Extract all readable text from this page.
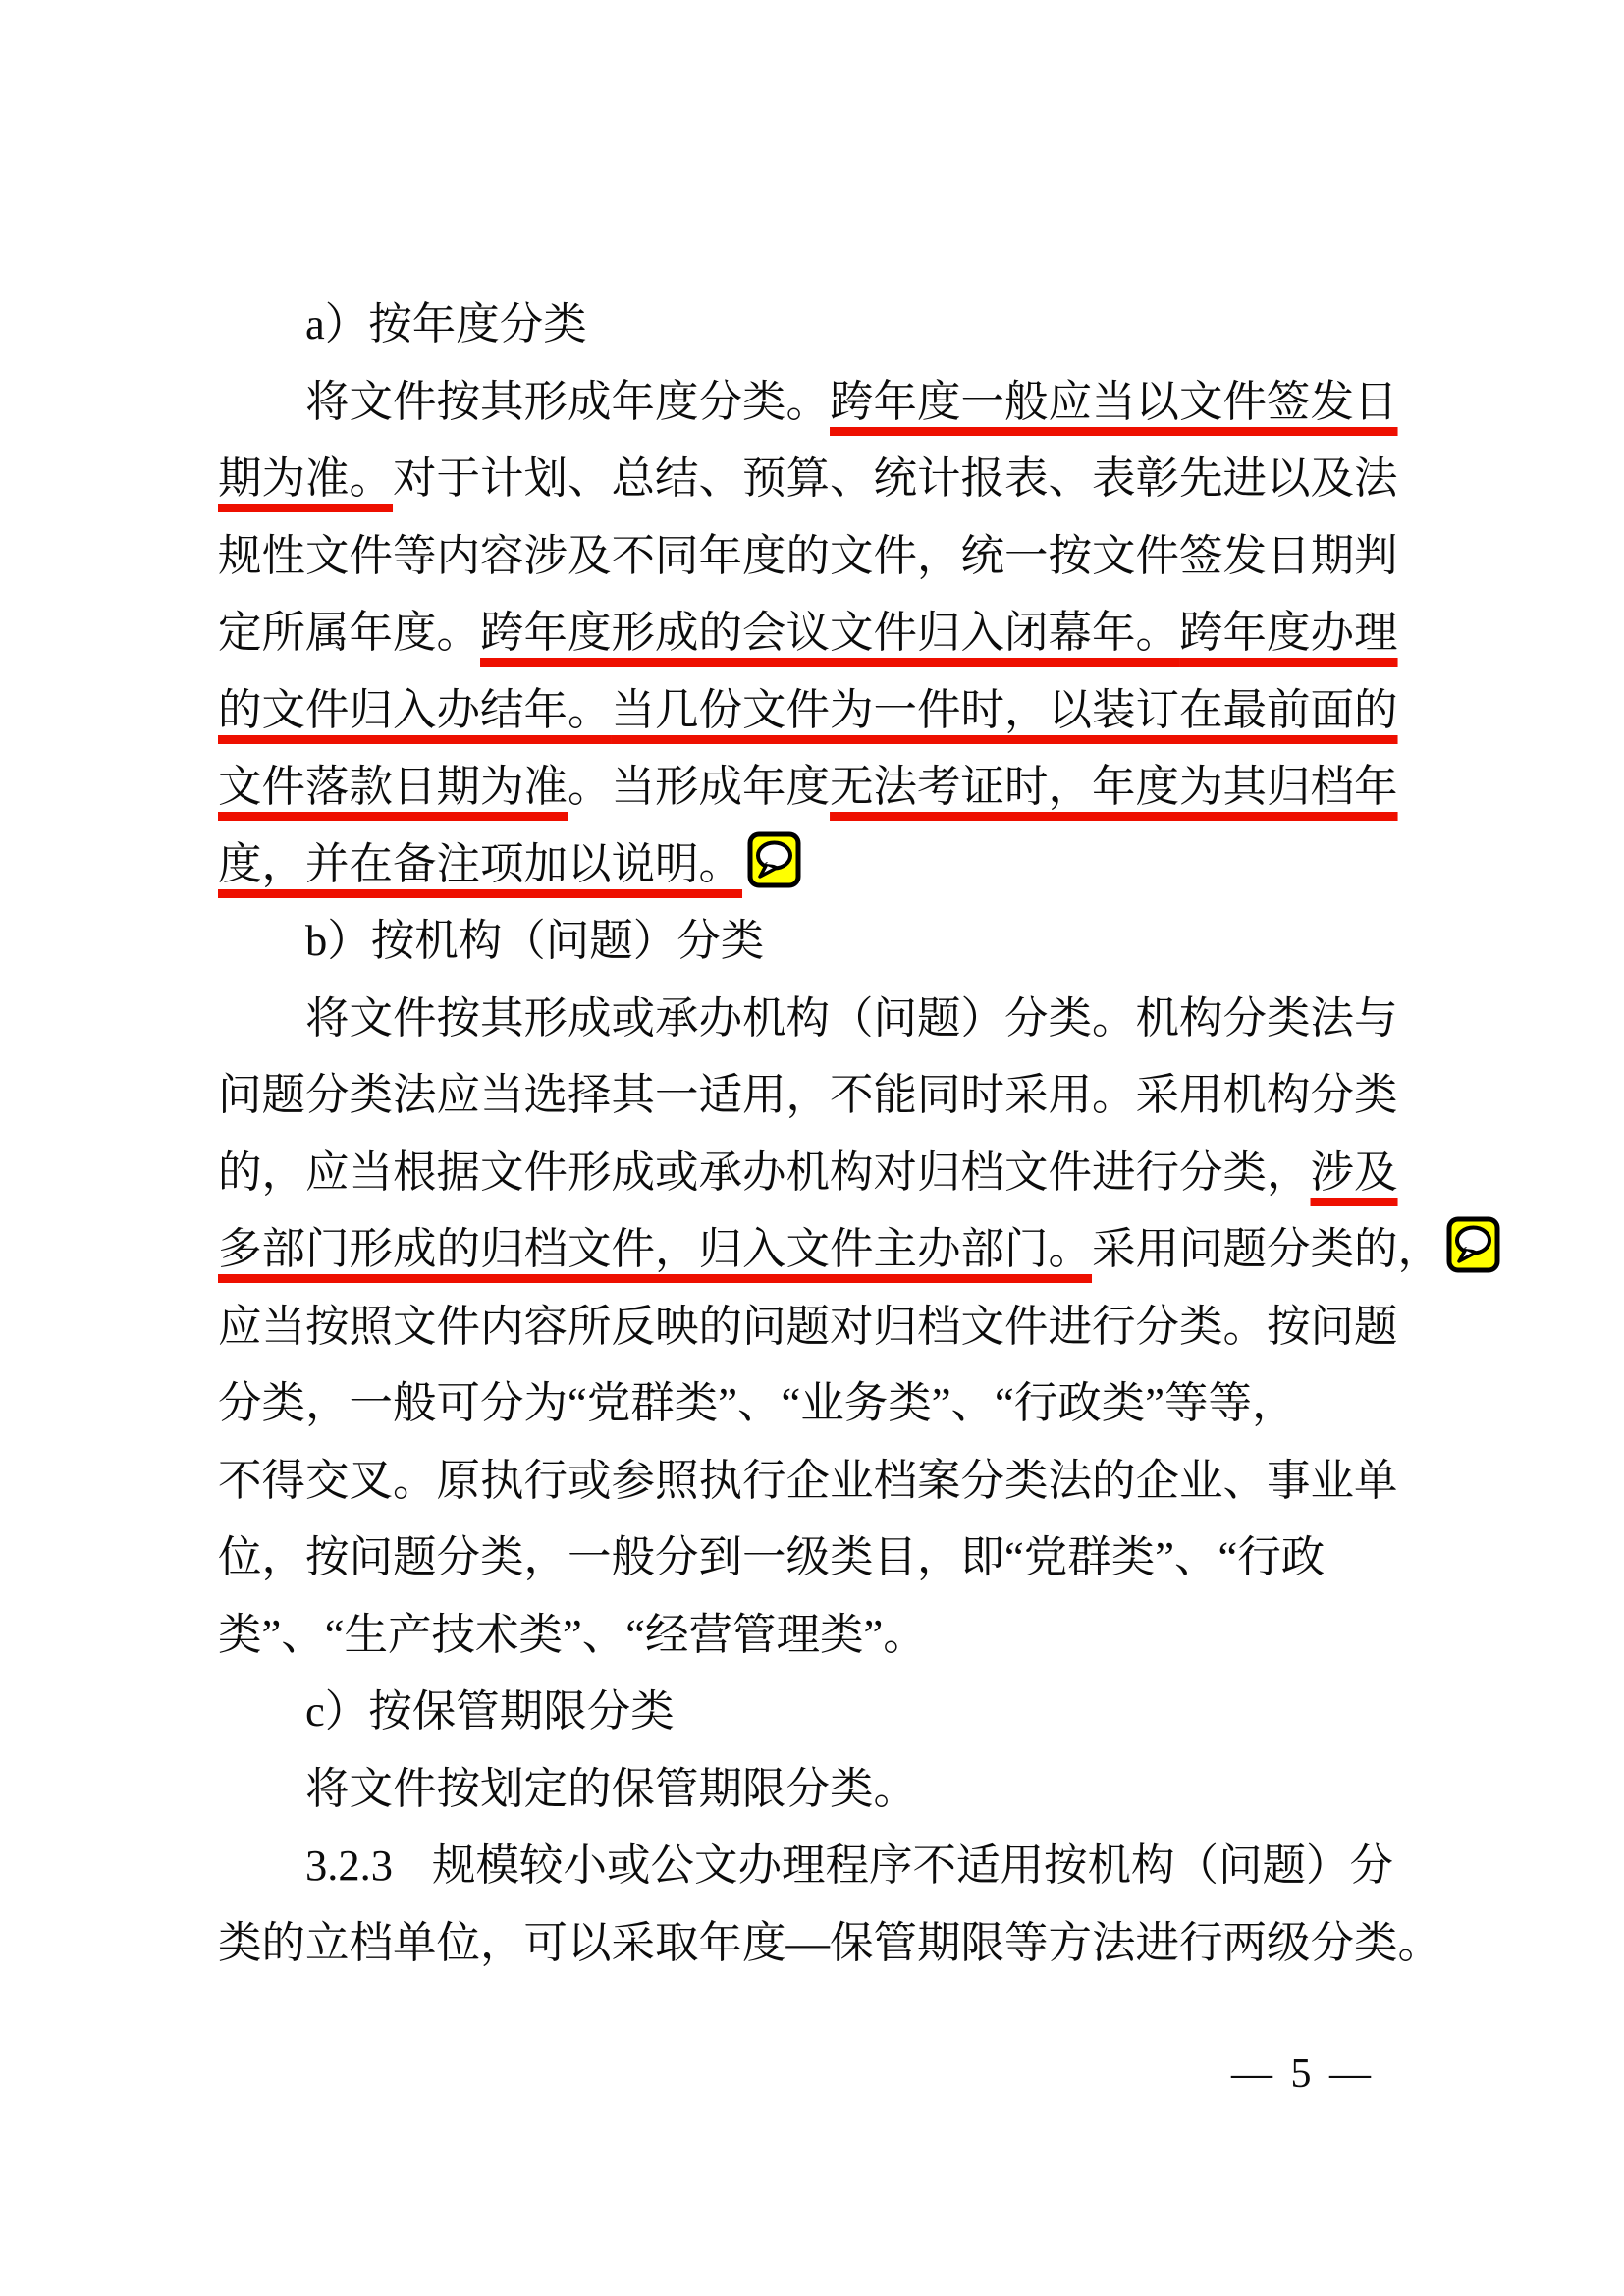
a）按年度分类
将文件按其形成年度分类。跨年度一般应当以文件签发日
期为准。对于计划、总结、预算、统计报表、表彰先进以及法
规性文件等内容涉及不同年度的文件，统一按文件签发日期判
定所属年度。跨年度形成的会议文件归入闭幕年。跨年度办理
的文件归入办结年。当几份文件为一件时，以装订在最前面的
文件落款日期为准。当形成年度无法考证时，年度为其归档年
度，并在备注项加以说明。
b）按机构（问题）分类
将文件按其形成或承办机构（问题）分类。机构分类法与
问题分类法应当选择其一适用，不能同时采用。采用机构分类
的，应当根据文件形成或承办机构对归档文件进行分类，涉及
多部门形成的归档文件，归入文件主办部门。采用问题分类的，
应当按照文件内容所反映的问题对归档文件进行分类。按问题
分类，一般可分为“党群类”、“业务类”、“行政类”等等，
不得交叉。原执行或参照执行企业档案分类法的企业、事业单
位，按问题分类，一般分到一级类目，即“党群类”、“行政
类”、“生产技术类”、“经营管理类”。
c）按保管期限分类
将文件按划定的保管期限分类。
3.2.3 规模较小或公文办理程序不适用按机构（问题）分
类的立档单位，可以采取年度—保管期限等方法进行两级分类。
— 5 —
